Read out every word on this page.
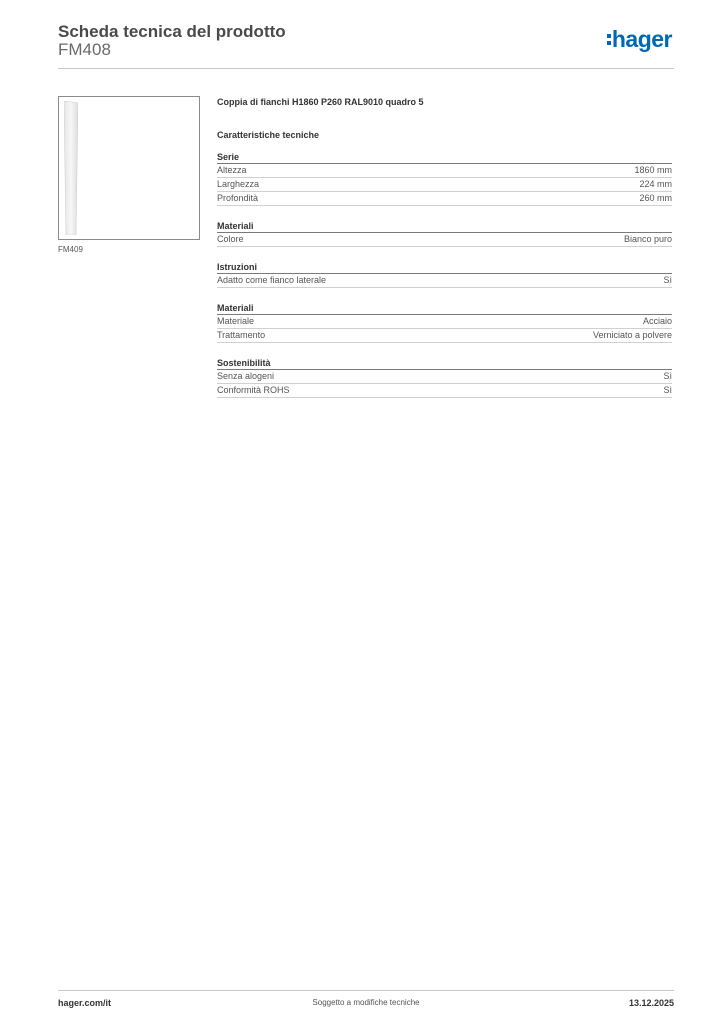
Scheda tecnica del prodotto
FM408	hager
FM409
Coppia di fianchi H1860 P260 RAL9010 quadro 5
Caratteristiche tecniche
Serie
Altezza	1860 mm
Larghezza	224 mm
Profondità	260 mm
Materiali
Colore	Bianco puro
Istruzioni
Adatto come fianco laterale	Sì
Materiali
Materiale	Acciaio
Trattamento	Verniciato a polvere
Sostenibilità
Senza alogeni	Sì
Conformità ROHS	Sì
hager.com/it	Soggetto a modifiche tecniche	13.12.2025
